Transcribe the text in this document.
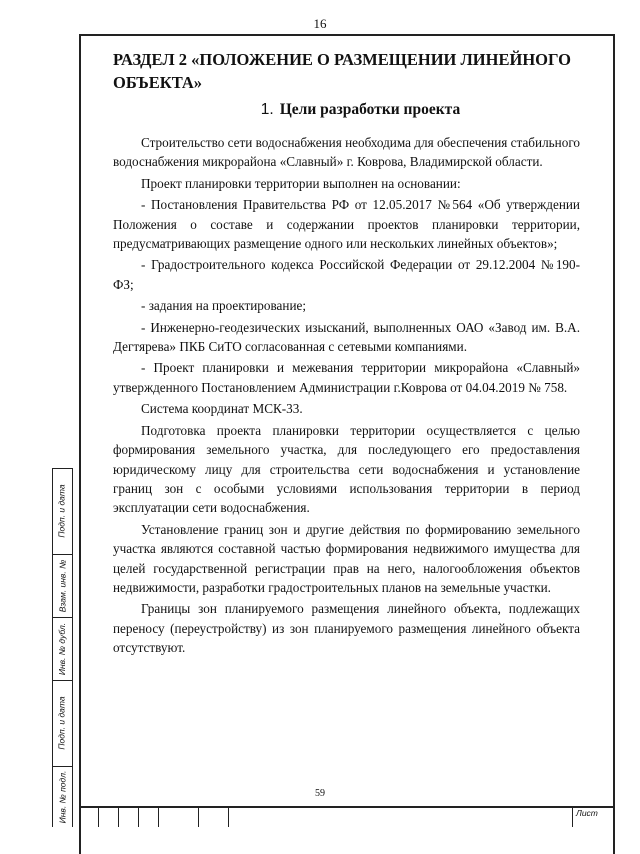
16
РАЗДЕЛ 2 «ПОЛОЖЕНИЕ О РАЗМЕЩЕНИИ ЛИНЕЙНОГО ОБЪЕКТА»
1. Цели разработки проекта

Строительство сети водоснабжения необходима для обеспечения стабильного водоснабжения микрорайона «Славный» г. Коврова, Владимирской области.

Проект планировки территории выполнен на основании:

- Постановления Правительства РФ от 12.05.2017 №564 «Об утверждении Положения о составе и содержании проектов планировки территории, предусматривающих размещение одного или нескольких линейных объектов»;

- Градостроительного кодекса Российской Федерации от 29.12.2004 №190-ФЗ;

- задания на проектирование;

- Инженерно-геодезических изысканий, выполненных ОАО «Завод им. В.А. Дегтярева» ПКБ СиТО согласованная с сетевыми компаниями.

- Проект планировки и межевания территории микрорайона «Славный» утвержденного Постановлением Администрации г.Коврова от 04.04.2019 № 758.

Система координат МСК-33.

Подготовка проекта планировки территории осуществляется с целью формирования земельного участка, для последующего его предоставления юридическому лицу для строительства сети водоснабжения и установление границ зон с особыми условиями использования территории в период эксплуатации сети водоснабжения.

Установление границ зон и другие действия по формированию земельного участка являются составной частью формирования недвижимого имущества для целей государственной регистрации прав на него, налогообложения объектов недвижимости, разработки градостроительных планов на земельные участки.

Границы зон планируемого размещения линейного объекта, подлежащих переносу (переустройству) из зон планируемого размещения линейного объекта отсутствуют.

59
Подп. и дата
Взам. инв. №
Инв. № дубл.
Подп. и дата
Инв. № подл.	Лист
